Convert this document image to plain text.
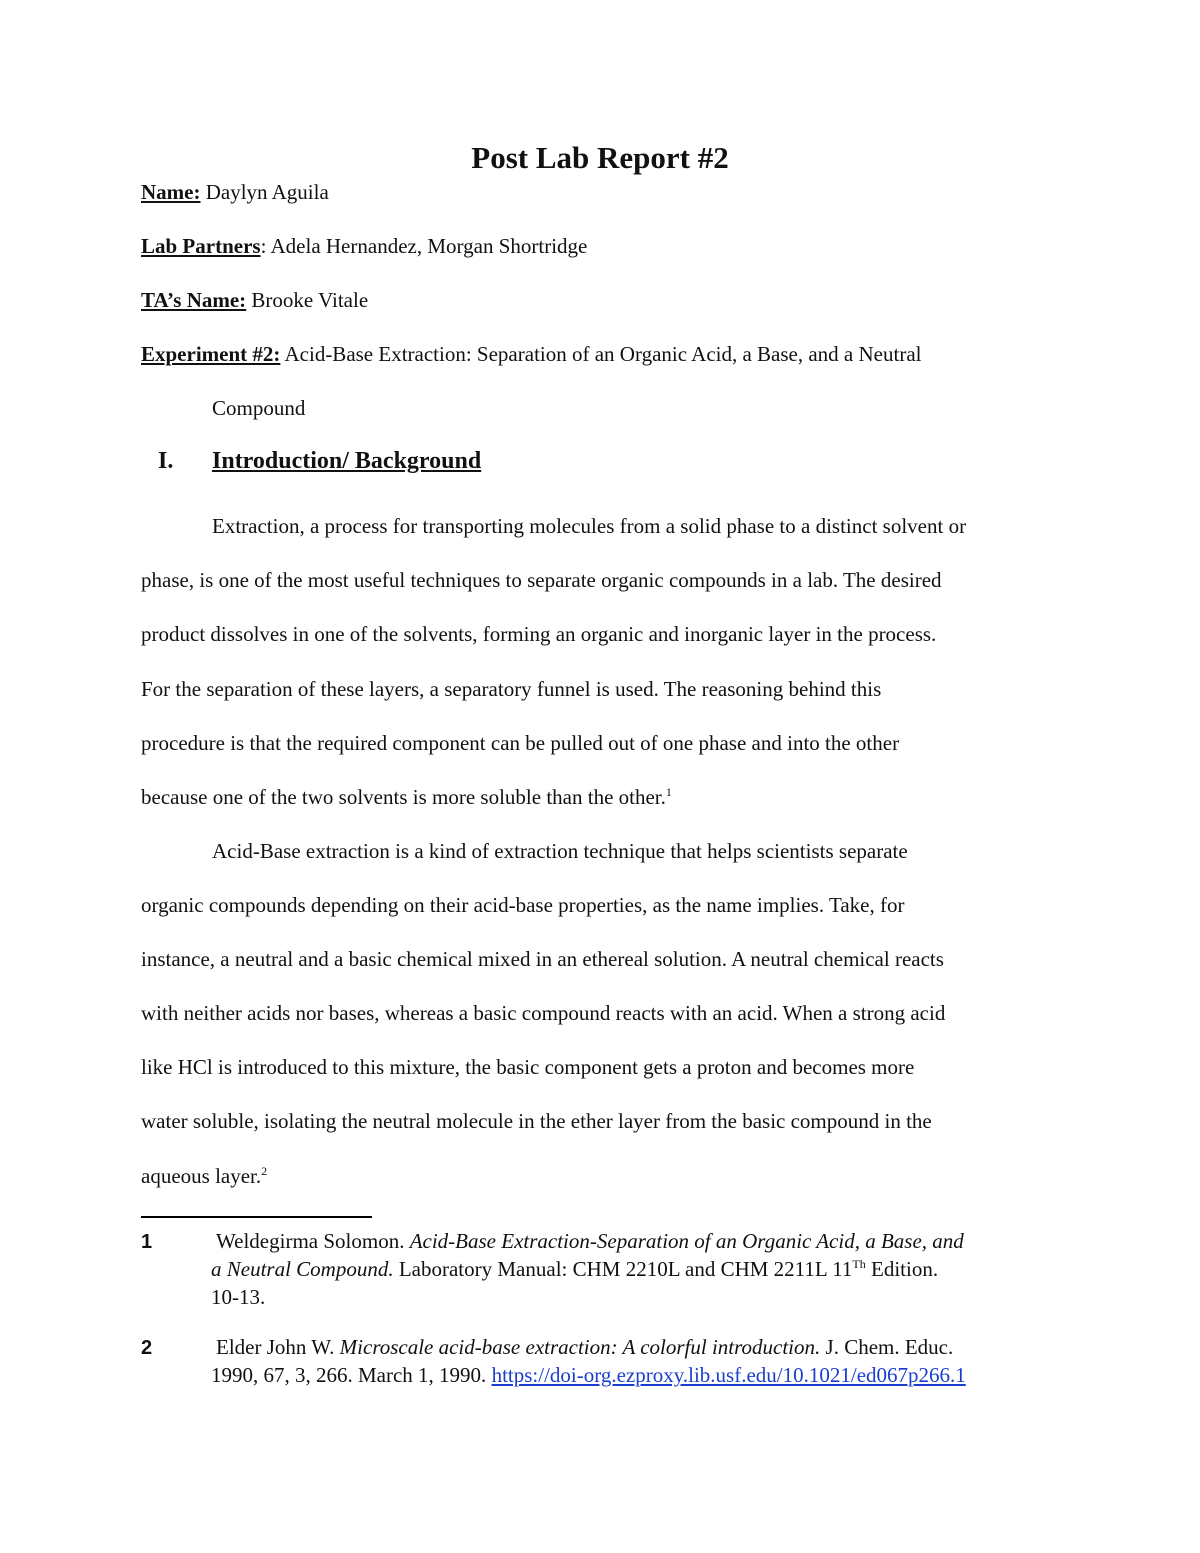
Post Lab Report #2
Name: Daylyn Aguila
Lab Partners: Adela Hernandez, Morgan Shortridge
TA’s Name: Brooke Vitale
Experiment #2: Acid-Base Extraction: Separation of an Organic Acid, a Base, and a Neutral
Compound
I. Introduction/ Background
Extraction, a process for transporting molecules from a solid phase to a distinct solvent or
phase, is one of the most useful techniques to separate organic compounds in a lab. The desired
product dissolves in one of the solvents, forming an organic and inorganic layer in the process.
For the separation of these layers, a separatory funnel is used. The reasoning behind this
procedure is that the required component can be pulled out of one phase and into the other
because one of the two solvents is more soluble than the other.$^1$
Acid-Base extraction is a kind of extraction technique that helps scientists separate
organic compounds depending on their acid-base properties, as the name implies. Take, for
instance, a neutral and a basic chemical mixed in an ethereal solution. A neutral chemical reacts
with neither acids nor bases, whereas a basic compound reacts with an acid. When a strong acid
like HCl is introduced to this mixture, the basic component gets a proton and becomes more
water soluble, isolating the neutral molecule in the ether layer from the basic compound in the
aqueous layer.$^2$
1	Weldegirma Solomon. Acid-Base Extraction-Separation of an Organic Acid, a Base, and
a Neutral Compound. Laboratory Manual: CHM 2210L and CHM 2211L 11Th Edition.
10-13.
2	Elder John W. Microscale acid-base extraction: A colorful introduction. J. Chem. Educ.
1990, 67, 3, 266. March 1, 1990. https://doi-org.ezproxy.lib.usf.edu/10.1021/ed067p266.1
